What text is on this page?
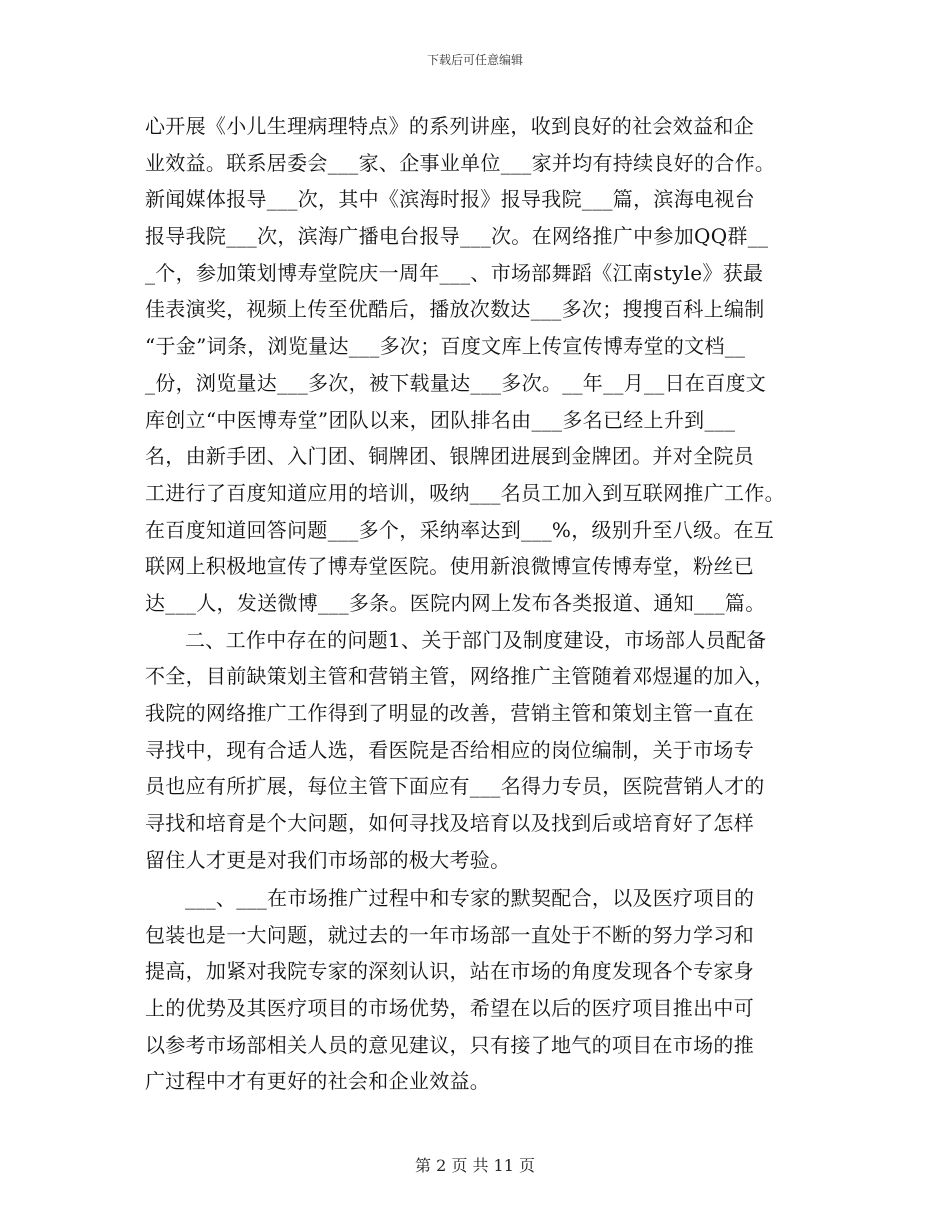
下载后可任意编辑
心开展《小儿生理病理特点》的系列讲座，收到良好的社会效益和企
业效益。联系居委会___家、企事业单位___家并均有持续良好的合作。
新闻媒体报导___次，其中《滨海时报》报导我院___篇，滨海电视台
报导我院___次，滨海广播电台报导___次。在网络推广中参加QQ群__
_个，参加策划博寿堂院庆一周年___、市场部舞蹈《江南style》获最
佳表演奖，视频上传至优酷后，播放次数达___多次；搜搜百科上编制
“于金”词条，浏览量达___多次；百度文库上传宣传博寿堂的文档__
_份，浏览量达___多次，被下载量达___多次。__年__月__日在百度文
库创立“中医博寿堂”团队以来，团队排名由___多名已经上升到___
名，由新手团、入门团、铜牌团、银牌团进展到金牌团。并对全院员
工进行了百度知道应用的培训，吸纳___名员工加入到互联网推广工作。
在百度知道回答问题___多个，采纳率达到___%，级别升至八级。在互
联网上积极地宣传了博寿堂医院。使用新浪微博宣传博寿堂，粉丝已
达___人，发送微博___多条。医院内网上发布各类报道、通知___篇。
二、工作中存在的问题1、关于部门及制度建设，市场部人员配备
不全，目前缺策划主管和营销主管，网络推广主管随着邓煜暹的加入，
我院的网络推广工作得到了明显的改善，营销主管和策划主管一直在
寻找中，现有合适人选，看医院是否给相应的岗位编制，关于市场专
员也应有所扩展，每位主管下面应有___名得力专员，医院营销人才的
寻找和培育是个大问题，如何寻找及培育以及找到后或培育好了怎样
留住人才更是对我们市场部的极大考验。
___、___在市场推广过程中和专家的默契配合，以及医疗项目的
包装也是一大问题，就过去的一年市场部一直处于不断的努力学习和
提高，加紧对我院专家的深刻认识，站在市场的角度发现各个专家身
上的优势及其医疗项目的市场优势，希望在以后的医疗项目推出中可
以参考市场部相关人员的意见建议，只有接了地气的项目在市场的推
广过程中才有更好的社会和企业效益。
第 2 页 共 11 页
